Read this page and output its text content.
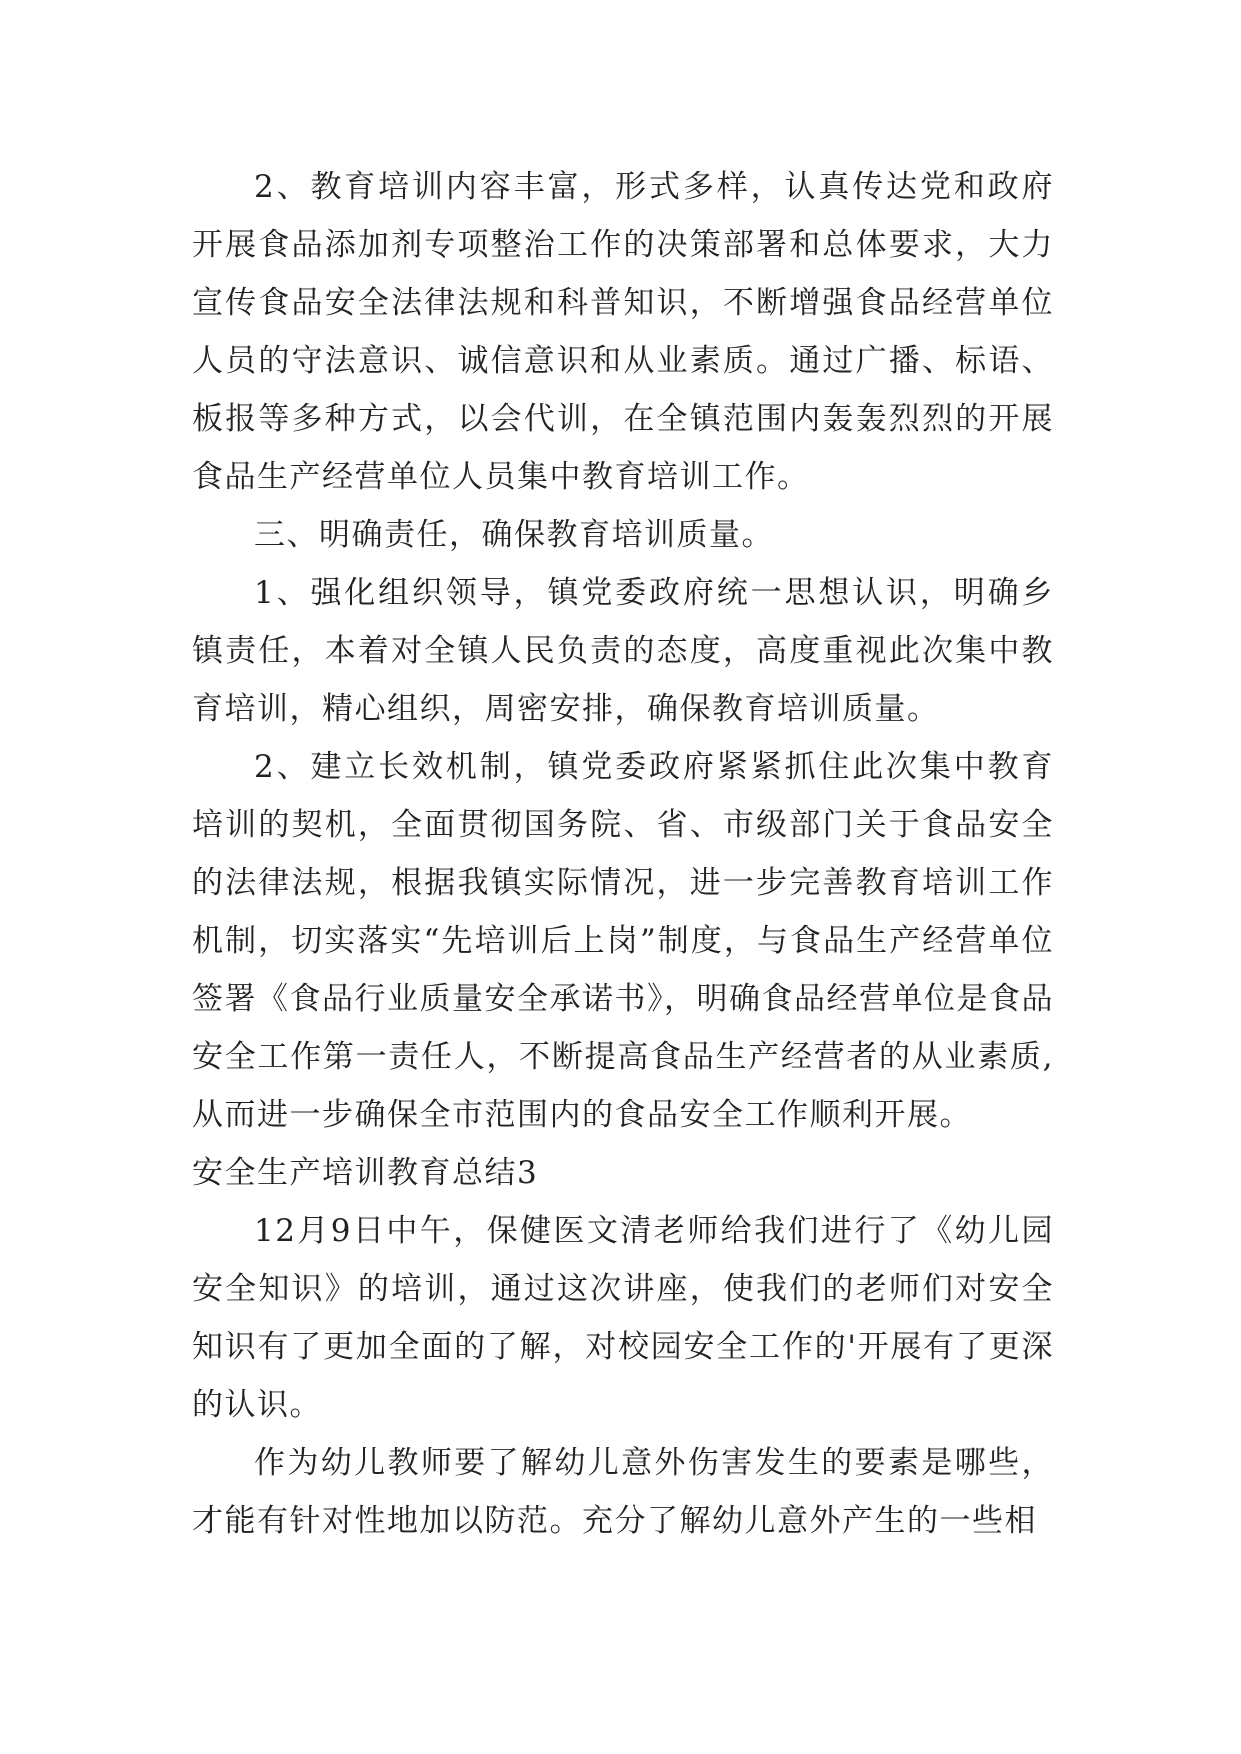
2、教育培训内容丰富，形式多样，认真传达党和政府开展食品添加剂专项整治工作的决策部署和总体要求，大力宣传食品安全法律法规和科普知识，不断增强食品经营单位人员的守法意识、诚信意识和从业素质。通过广播、标语、板报等多种方式，以会代训，在全镇范围内轰轰烈烈的开展食品生产经营单位人员集中教育培训工作。

三、明确责任，确保教育培训质量。

1、强化组织领导，镇党委政府统一思想认识，明确乡镇责任，本着对全镇人民负责的态度，高度重视此次集中教育培训，精心组织，周密安排，确保教育培训质量。

2、建立长效机制，镇党委政府紧紧抓住此次集中教育培训的契机，全面贯彻国务院、省、市级部门关于食品安全的法律法规，根据我镇实际情况，进一步完善教育培训工作机制，切实落实“先培训后上岗”制度，与食品生产经营单位签署《食品行业质量安全承诺书》，明确食品经营单位是食品安全工作第一责任人，不断提高食品生产经营者的从业素质,从而进一步确保全市范围内的食品安全工作顺利开展。

安全生产培训教育总结3

12月9日中午，保健医文清老师给我们进行了《幼儿园安全知识》的培训，通过这次讲座，使我们的老师们对安全知识有了更加全面的了解，对校园安全工作的'开展有了更深的认识。

作为幼儿教师要了解幼儿意外伤害发生的要素是哪些，才能有针对性地加以防范。充分了解幼儿意外产生的一些相
